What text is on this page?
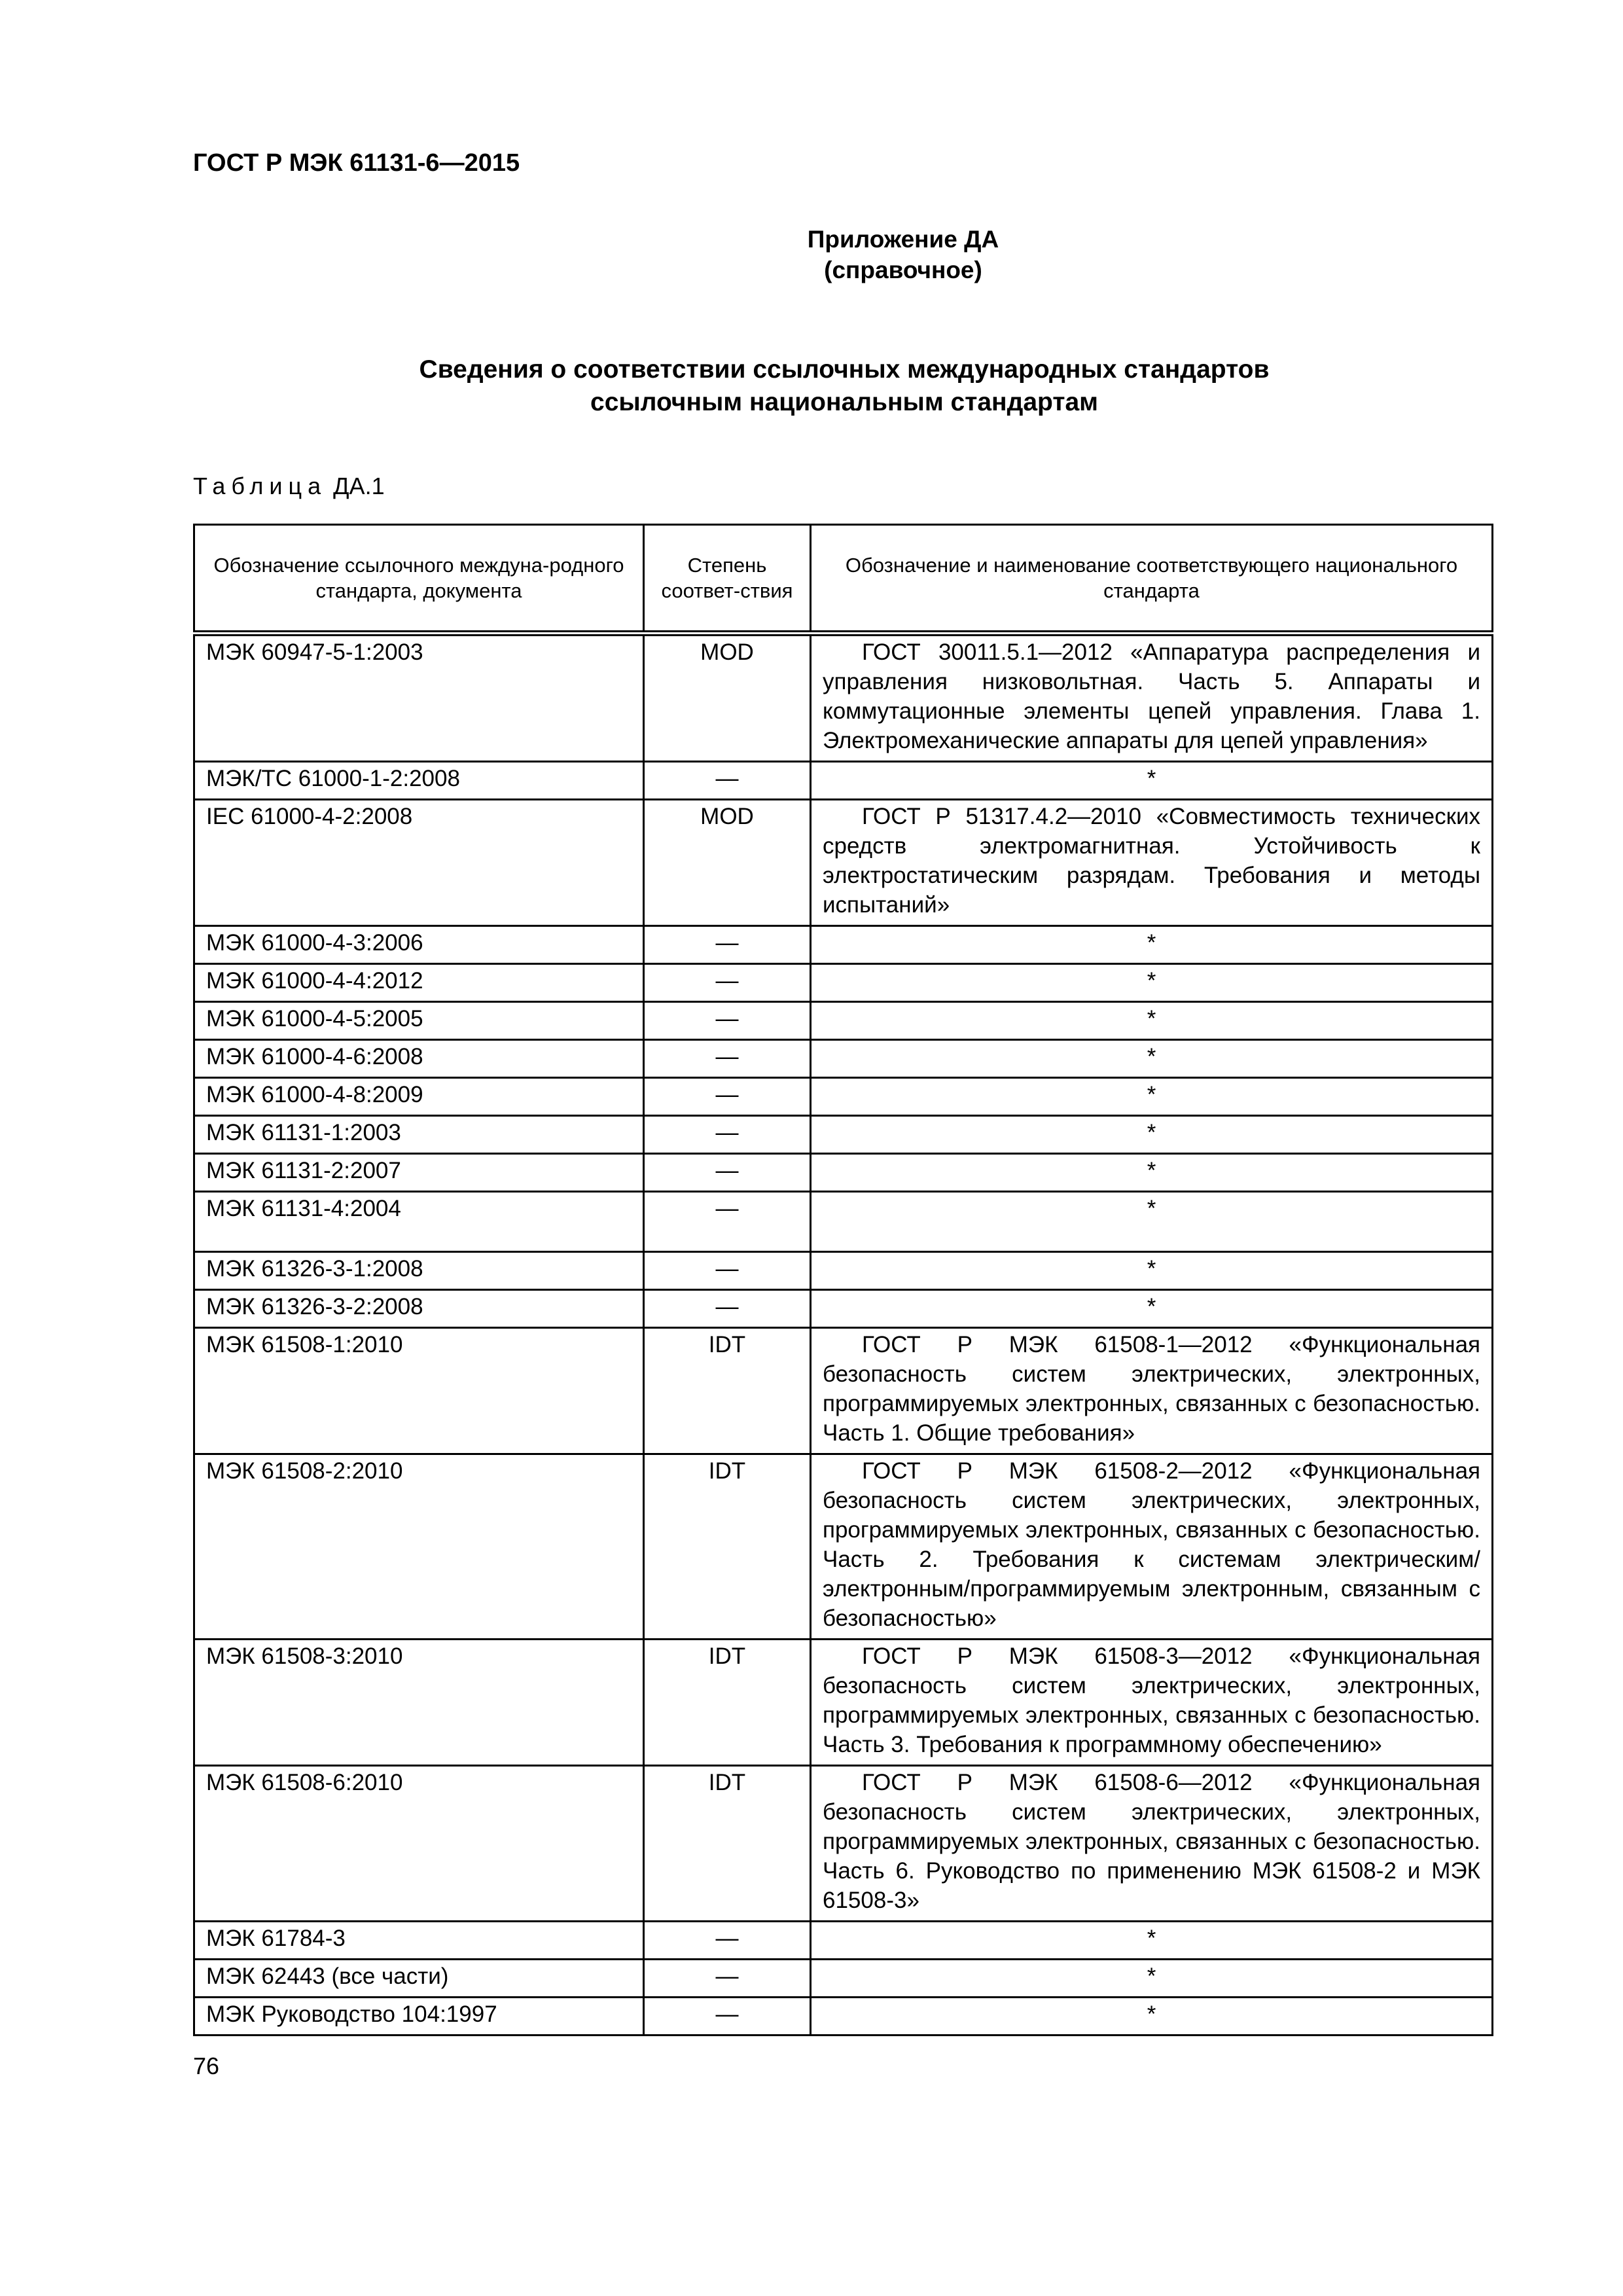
ГОСТ Р МЭК 61131-6—2015
Приложение ДА
(справочное)
Сведения о соответствии ссылочных международных стандартов
ссылочным национальным стандартам
Таблица ДА.1
Обозначение ссылочного междуна-родного стандарта, документа	Степень соответ-ствия	Обозначение и наименование соответствующего национального стандарта
МЭК 60947-5-1:2003	MOD	ГОСТ 30011.5.1—2012 «Аппаратура распределения и управления низковольтная. Часть 5. Аппараты и коммутационные элементы цепей управления. Глава 1. Электромеханические аппараты для цепей управления»
МЭК/ТС 61000-1-2:2008	—	*
IEC 61000-4-2:2008	MOD	ГОСТ Р 51317.4.2—2010 «Совместимость технических средств электромагнитная. Устойчивость к электростатическим разрядам. Требования и методы испытаний»
МЭК 61000-4-3:2006	—	*
МЭК 61000-4-4:2012	—	*
МЭК 61000-4-5:2005	—	*
МЭК 61000-4-6:2008	—	*
МЭК 61000-4-8:2009	—	*
МЭК 61131-1:2003	—	*
МЭК 61131-2:2007	—	*
МЭК 61131-4:2004	—	*
МЭК 61326-3-1:2008	—	*
МЭК 61326-3-2:2008	—	*
МЭК 61508-1:2010	IDT	ГОСТ Р МЭК 61508-1—2012 «Функциональная безопасность систем электрических, электронных, программируемых электронных, связанных с безопасностью. Часть 1. Общие требования»
МЭК 61508-2:2010	IDT	ГОСТ Р МЭК 61508-2—2012 «Функциональная безопасность систем электрических, электронных, программируемых электронных, связанных с безопасностью. Часть 2. Требования к системам электрическим/электронным/программируемым электронным, связанным с безопасностью»
МЭК 61508-3:2010	IDT	ГОСТ Р МЭК 61508-3—2012 «Функциональная безопасность систем электрических, электронных, программируемых электронных, связанных с безопасностью. Часть 3. Требования к программному обеспечению»
МЭК 61508-6:2010	IDT	ГОСТ Р МЭК 61508-6—2012 «Функциональная безопасность систем электрических, электронных, программируемых электронных, связанных с безопасностью. Часть 6. Руководство по применению МЭК 61508-2 и МЭК 61508-3»
МЭК 61784-3	—	*
МЭК 62443 (все части)	—	*
МЭК Руководство 104:1997	—	*
76
